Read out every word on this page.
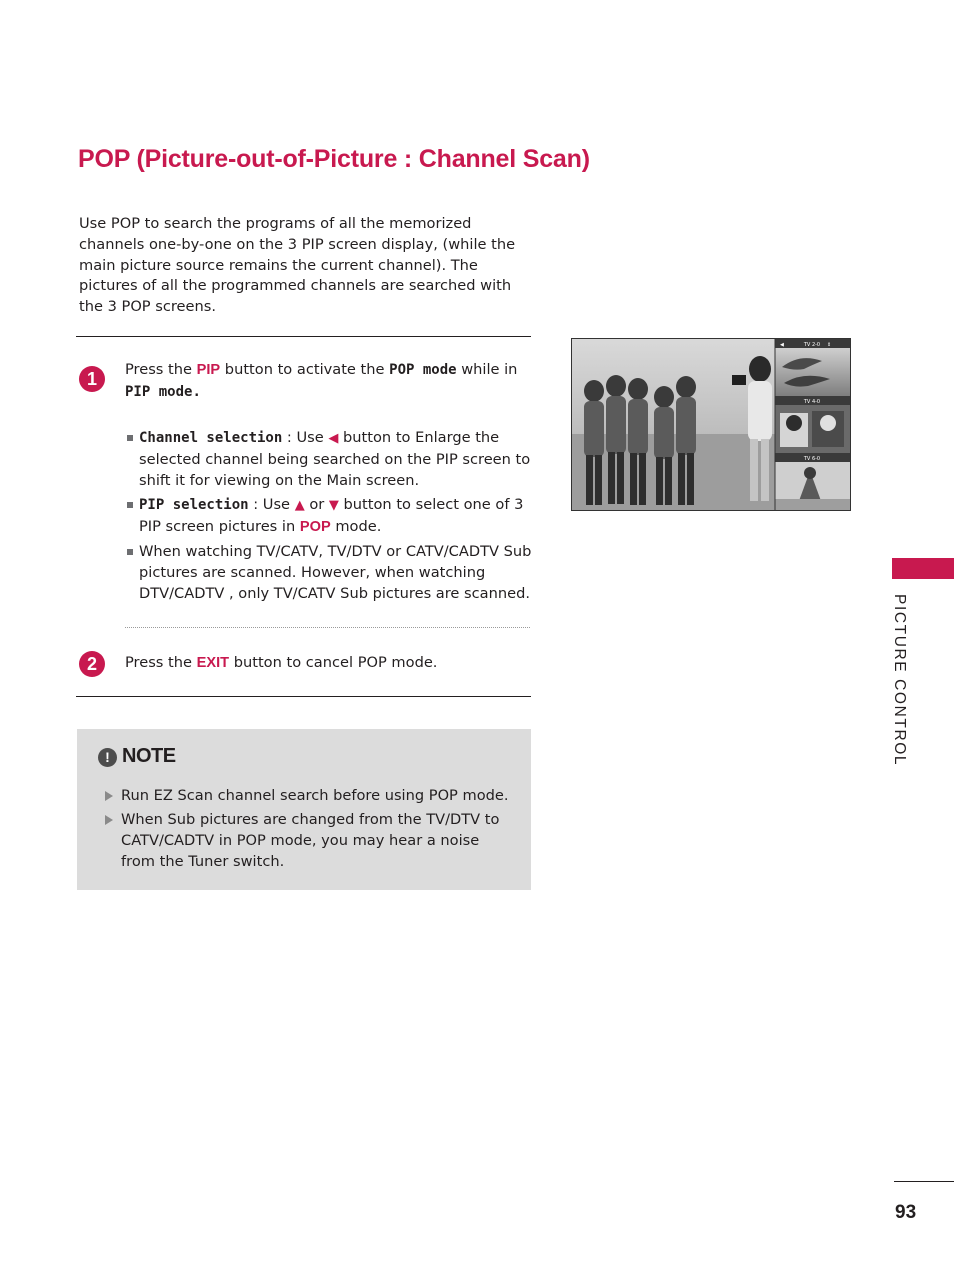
POP (Picture-out-of-Picture : Channel Scan)
Use POP to search the programs of all the memorized channels one-by-one on the 3 PIP screen display, (while the main picture source remains the current channel). The pictures of all the programmed channels are searched with the 3 POP screens.
1	Press the PIP button to activate the POP mode while in PIP mode.
Channel selection : Use ◀ button to Enlarge the selected channel being searched on the PIP screen to shift it for viewing on the Main screen.
PIP selection : Use ▲ or ▼ button to select one of 3 PIP screen pictures in POP mode.
When watching TV/CATV, TV/DTV or CATV/CADTV Sub pictures are scanned. However, when watching DTV/CADTV , only TV/CATV Sub pictures are scanned.
2	Press the EXIT button to cancel POP mode.
! NOTE
Run EZ Scan channel search before using POP mode.
When Sub pictures are changed from the TV/DTV to CATV/CADTV in POP mode, you may hear a noise from the Tuner switch.
TV 2-0
◀	⇕
TV 4-0
TV 6-0
PICTURE CONTROL
93
